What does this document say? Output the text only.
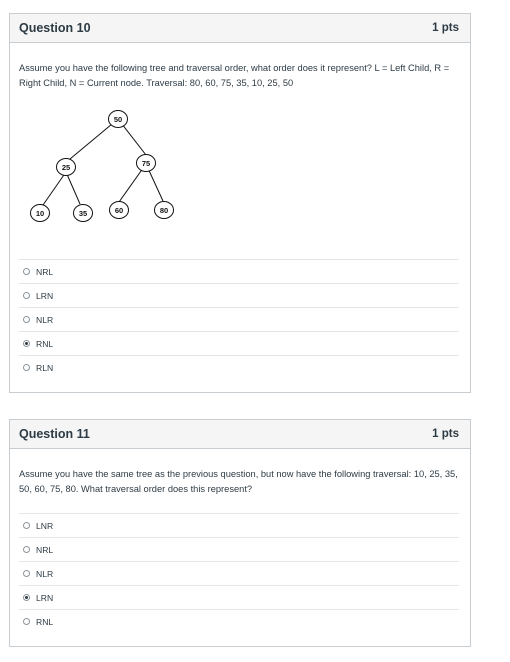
Question 10	1 pts
Assume you have the following tree and traversal order, what order does it represent? L = Left Child, R = Right Child, N = Current node. Traversal: 80, 60, 75, 35, 10, 25, 50
50
25	75
10	35	60	80
NRL
LRN
NLR
RNL
RLN
Question 11	1 pts
Assume you have the same tree as the previous question, but now have the following traversal: 10, 25, 35, 50, 60, 75, 80. What traversal order does this represent?
LNR
NRL
NLR
LRN
RNL
